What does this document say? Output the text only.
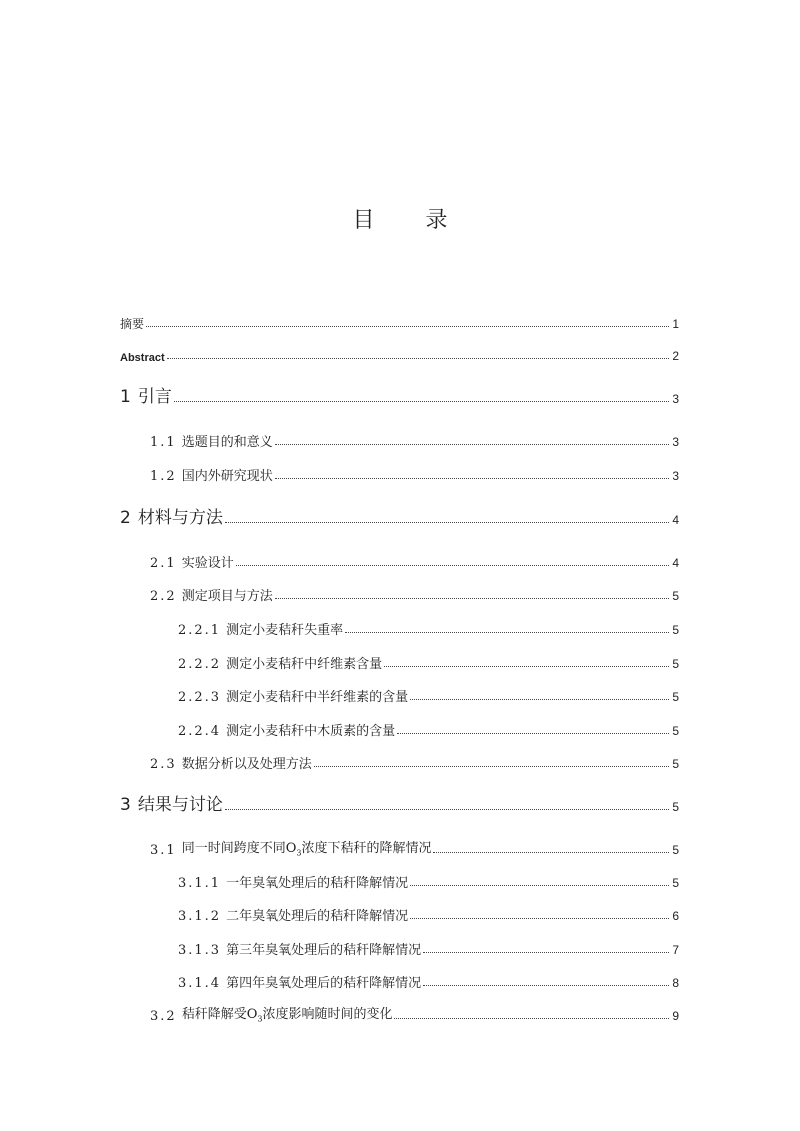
目 录
摘要	1
Abstract	2
1 引言	3
1.1 选题目的和意义	3
1.2 国内外研究现状	3
2 材料与方法	4
2.1 实验设计	4
2.2 测定项目与方法	5
2.2.1 测定小麦秸秆失重率	5
2.2.2 测定小麦秸秆中纤维素含量	5
2.2.3 测定小麦秸秆中半纤维素的含量	5
2.2.4 测定小麦秸秆中木质素的含量	5
2.3 数据分析以及处理方法	5
3 结果与讨论	5
3.1 同一时间跨度不同$O_3$浓度下秸秆的降解情况	5
3.1.1 一年臭氧处理后的秸秆降解情况	5
3.1.2 二年臭氧处理后的秸秆降解情况	6
3.1.3 第三年臭氧处理后的秸秆降解情况	7
3.1.4 第四年臭氧处理后的秸秆降解情况	8
3.2 秸秆降解受$O_3$浓度影响随时间的变化	9
